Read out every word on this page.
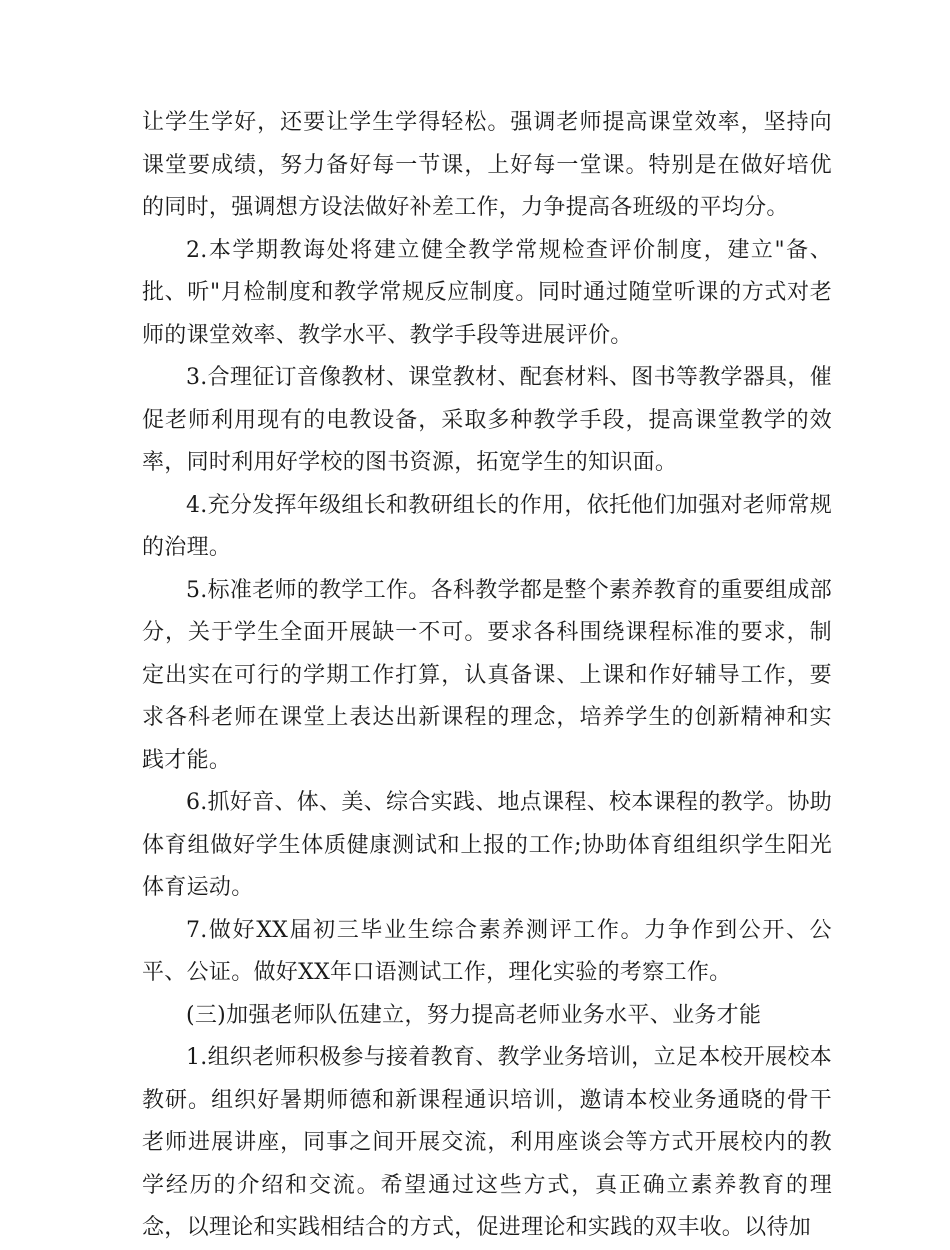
让学生学好，还要让学生学得轻松。强调老师提高课堂效率，坚持向课堂要成绩，努力备好每一节课，上好每一堂课。特别是在做好培优的同时，强调想方设法做好补差工作，力争提高各班级的平均分。

2.本学期教诲处将建立健全教学常规检查评价制度，建立"备、批、听"月检制度和教学常规反应制度。同时通过随堂听课的方式对老师的课堂效率、教学水平、教学手段等进展评价。

3.合理征订音像教材、课堂教材、配套材料、图书等教学器具，催促老师利用现有的电教设备，采取多种教学手段，提高课堂教学的效率，同时利用好学校的图书资源，拓宽学生的知识面。

4.充分发挥年级组长和教研组长的作用，依托他们加强对老师常规的治理。

5.标准老师的教学工作。各科教学都是整个素养教育的重要组成部分，关于学生全面开展缺一不可。要求各科围绕课程标准的要求，制定出实在可行的学期工作打算，认真备课、上课和作好辅导工作，要求各科老师在课堂上表达出新课程的理念，培养学生的创新精神和实践才能。

6.抓好音、体、美、综合实践、地点课程、校本课程的教学。协助体育组做好学生体质健康测试和上报的工作;协助体育组组织学生阳光体育运动。

7.做好XX届初三毕业生综合素养测评工作。力争作到公开、公平、公证。做好XX年口语测试工作，理化实验的考察工作。

(三)加强老师队伍建立，努力提高老师业务水平、业务才能

1.组织老师积极参与接着教育、教学业务培训，立足本校开展校本教研。组织好暑期师德和新课程通识培训，邀请本校业务通晓的骨干老师进展讲座，同事之间开展交流，利用座谈会等方式开展校内的教学经历的介绍和交流。希望通过这些方式，真正确立素养教育的理念，以理论和实践相结合的方式，促进理论和实践的双丰收。以待加
